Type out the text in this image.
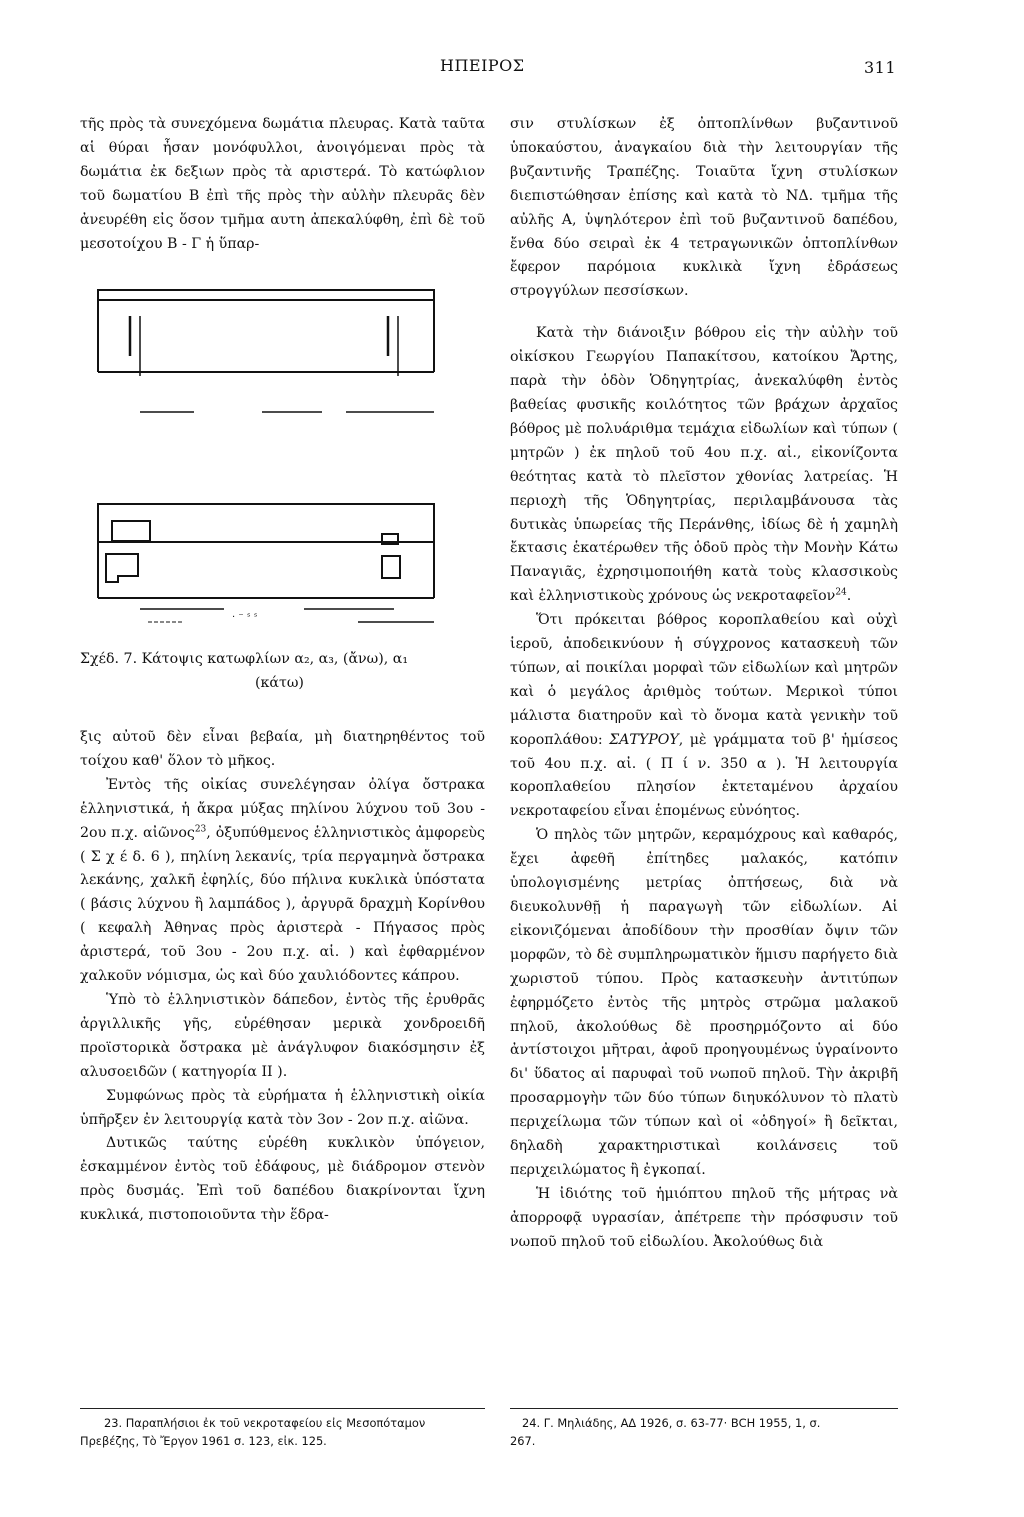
ΗΠΕΙΡΟΣ	311

τῆς πρὸς τὰ συνεχόμενα δωμάτια πλευρας. Κατὰ ταῦτα αἱ θύραι ἦσαν μονόφυλλοι, ἀνοιγόμεναι πρὸς τὰ δωμάτια ἐκ δεξιων πρὸς τὰ αριστερά. Τὸ κατώφλιον τοῦ δωματίου Β ἐπὶ τῆς πρὸς τὴν αὐλὴν πλευρᾶς δὲν ἀνευρέθη εἰς ὅσον τμῆμα αυτη ἀπεκαλύφθη, ἐπὶ δὲ τοῦ μεσοτοίχου Β - Γ ἡ ὕπαρ-

· ⁻ ˢ ˢ
Σχέδ. 7. Κάτοψις κατωφλίων α₂, α₃, (ἄνω), α₁
(κάτω)

ξις αὐτοῦ δὲν εἶναι βεβαία, μὴ διατηρηθέντος τοῦ τοίχου καθ' ὅλον τὸ μῆκος.

Ἐντὸς τῆς οἰκίας συνελέγησαν ὀλίγα ὄστρακα ἑλληνιστικά, ἡ ἄκρα μύξας πηλίνου λύχνου τοῦ 3ου - 2ου π.χ. αἰῶνος$^{23}$, ὀξυπύθμενος ἑλληνιστικὸς ἀμφορεὺς ( Σ χ έ δ. 6 ), πηλίνη λεκανίς, τρία περγαμηνὰ ὄστρακα λεκάνης, χαλκῆ ἐφηλίς, δύο πήλινα κυκλικὰ ὑπόστατα ( βάσις λύχνου ἢ λαμπάδος ), ἀργυρᾶ δραχμὴ Κορίνθου ( κεφαλὴ Ἀθηνας πρὸς ἀριστερὰ - Πήγασος πρὸς ἀριστερά, τοῦ 3ου - 2ου π.χ. αἱ. ) καὶ ἐφθαρμένον χαλκοῦν νόμισμα, ὡς καὶ δύο χαυλιόδοντες κάπρου.

Ὑπὸ τὸ ἑλληνιστικὸν δάπεδον, ἐντὸς τῆς ἐρυθρᾶς ἀργιλλικῆς γῆς, εὑρέθησαν μερικὰ χονδροειδῆ προϊστορικὰ ὄστρακα μὲ ἀνάγλυφον διακόσμησιν ἐξ αλυσοειδῶν ( κατηγορία II ).

Συμφώνως πρὸς τὰ εὑρήματα ἡ ἑλληνιστικὴ οἰκία ὑπῆρξεν ἐν λειτουργίᾳ κατὰ τὸν 3ον - 2ον π.χ. αἰῶνα.

Δυτικῶς ταύτης εὑρέθη κυκλικὸν ὑπόγειον, ἐσκαμμένον ἐντὸς τοῦ ἐδάφους, μὲ διάδρομον στενὸν πρὸς δυσμάς. Ἐπὶ τοῦ δαπέδου διακρίνονται ἴχνη κυκλικά, πιστοποιοῦντα τὴν ἕδρα-

σιν στυλίσκων ἐξ ὀπτοπλίνθων βυζαντινοῦ ὑποκαύστου, ἀναγκαίου διὰ τὴν λειτουργίαν τῆς βυζαντινῆς Τραπέζης. Τοιαῦτα ἴχνη στυλίσκων διεπιστώθησαν ἐπίσης καὶ κατὰ τὸ ΝΔ. τμῆμα τῆς αὐλῆς Α, ὑψηλότερον ἐπὶ τοῦ βυζαντινοῦ δαπέδου, ἔνθα δύο σειραὶ ἐκ 4 τετραγωνικῶν ὀπτοπλίνθων ἔφερον παρόμοια κυκλικὰ ἴχνη ἐδράσεως στρογγύλων πεσσίσκων.

Κατὰ τὴν διάνοιξιν βόθρου εἰς τὴν αὐλὴν τοῦ οἰκίσκου Γεωργίου Παπακίτσου, κατοίκου Ἄρτης, παρὰ τὴν ὁδὸν Ὁδηγητρίας, ἀνεκαλύφθη ἐντὸς βαθείας φυσικῆς κοιλότητος τῶν βράχων ἀρχαῖος βόθρος μὲ πολυάριθμα τεμάχια εἰδωλίων καὶ τύπων ( μητρῶν ) ἐκ πηλοῦ τοῦ 4ου π.χ. αἰ., εἰκονίζοντα θεότητας κατὰ τὸ πλεῖστον χθονίας λατρείας. Ἡ περιοχὴ τῆς Ὁδηγητρίας, περιλαμβάνουσα τὰς δυτικὰς ὑπωρείας τῆς Περάνθης, ἰδίως δὲ ἡ χαμηλὴ ἔκτασις ἑκατέρωθεν τῆς ὁδοῦ πρὸς τὴν Μονὴν Κάτω Παναγιᾶς, ἐχρησιμοποιήθη κατὰ τοὺς κλασσικοὺς καὶ ἑλληνιστικοὺς χρόνους ὡς νεκροταφεῖον$^{24}$.

Ὅτι πρόκειται βόθρος κοροπλαθείου καὶ οὐχὶ ἱεροῦ, ἀποδεικνύουν ἡ σύγχρονος κατασκευὴ τῶν τύπων, αἱ ποικίλαι μορφαὶ τῶν εἰδωλίων καὶ μητρῶν καὶ ὁ μεγάλος ἀριθμὸς τούτων. Μερικοὶ τύποι μάλιστα διατηροῦν καὶ τὸ ὄνομα κατὰ γενικὴν τοῦ κοροπλάθου: ΣΑΤΥΡΟΥ, μὲ γράμματα τοῦ β' ἡμίσεος τοῦ 4ου π.χ. αἰ. ( Π ί ν. 350 α ). Ἡ λειτουργία κοροπλαθείου πλησίον ἐκτεταμένου ἀρχαίου νεκροταφείου εἶναι ἑπομένως εὐνόητος.

Ὁ πηλὸς τῶν μητρῶν, κεραμόχρους καὶ καθαρός, ἔχει ἀφεθῆ ἐπίτηδες μαλακός, κατόπιν ὑπολογισμένης μετρίας ὀπτήσεως, διὰ νὰ διευκολυνθῇ ἡ παραγωγὴ τῶν εἰδωλίων. Αἱ εἰκονιζόμεναι ἀποδίδουν τὴν προσθίαν ὄψιν τῶν μορφῶν, τὸ δὲ συμπληρωματικὸν ἥμισυ παρήγετο διὰ χωριστοῦ τύπου. Πρὸς κατασκευὴν ἀντιτύπων ἐφηρμόζετο ἐντὸς τῆς μητρὸς στρῶμα μαλακοῦ πηλοῦ, ἀκολούθως δὲ προσηρμόζοντο αἱ δύο ἀντίστοιχοι μῆτραι, ἀφοῦ προηγουμένως ὑγραίνοντο δι' ὕδατος αἱ παρυφαὶ τοῦ νωποῦ πηλοῦ. Τὴν ἀκριβῆ προσαρμογὴν τῶν δύο τύπων διηυκόλυνον τὸ πλατὺ περιχείλωμα τῶν τύπων καὶ οἱ «ὁδηγοί» ἢ δεῖκται, δηλαδὴ χαρακτηριστικαὶ κοιλάνσεις τοῦ περιχειλώματος ἢ ἐγκοπαί.

Ἡ ἰδιότης τοῦ ἡμιόπτου πηλοῦ τῆς μήτρας νὰ ἀπορροφᾷ υγρασίαν, ἀπέτρεπε τὴν πρόσφυσιν τοῦ νωποῦ πηλοῦ τοῦ εἰδωλίου. Ἀκολούθως διὰ

23. Παραπλήσιοι ἐκ τοῦ νεκροταφείου εἰς Μεσοπόταμον

Πρεβέζης, Τὸ Ἔργον 1961 σ. 123, εἰκ. 125.

24. Γ. Μηλιάδης, ΑΔ 1926, σ. 63-77· ΒCH 1955, 1, σ.

267.
